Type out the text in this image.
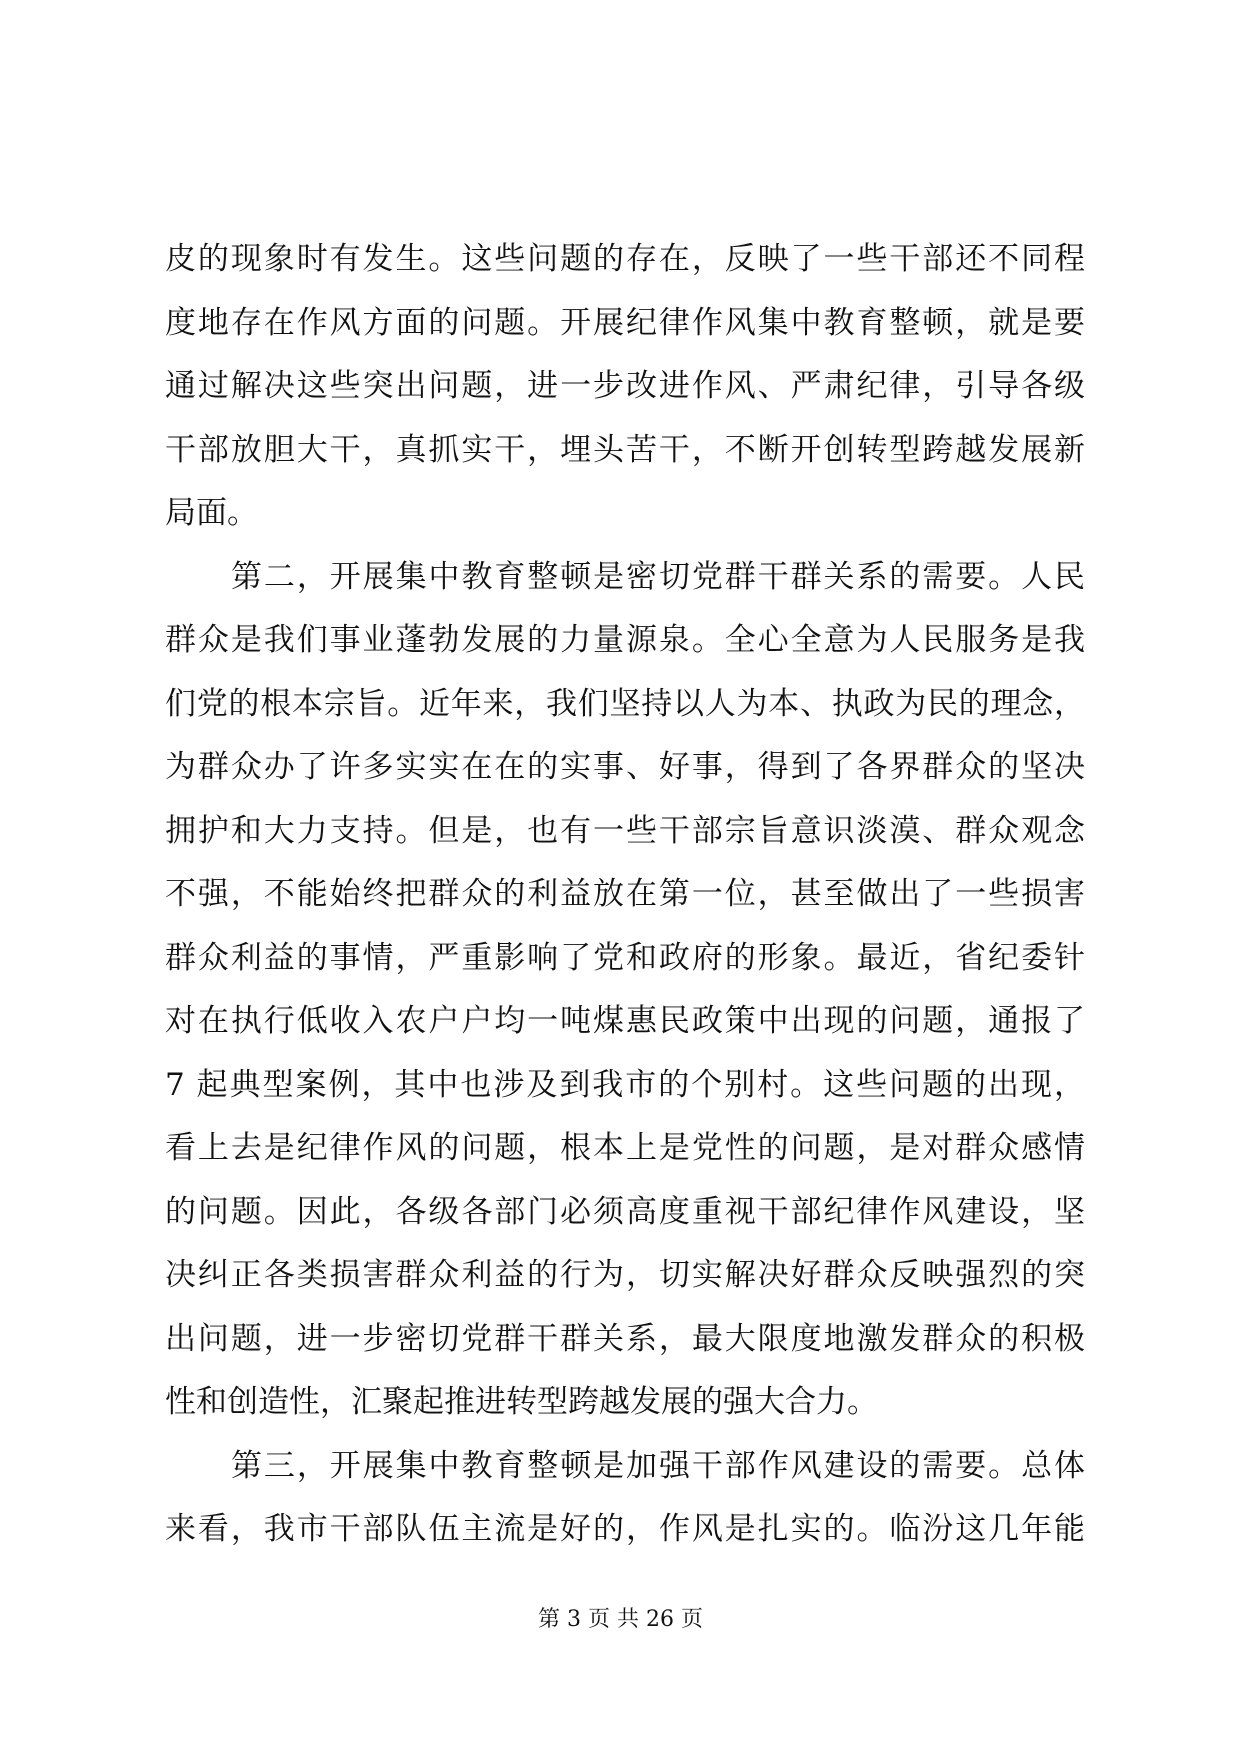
皮的现象时有发生。这些问题的存在，反映了一些干部还不同程
度地存在作风方面的问题。开展纪律作风集中教育整顿，就是要
通过解决这些突出问题，进一步改进作风、严肃纪律，引导各级
干部放胆大干，真抓实干，埋头苦干，不断开创转型跨越发展新
局面。
第二，开展集中教育整顿是密切党群干群关系的需要。人民
群众是我们事业蓬勃发展的力量源泉。全心全意为人民服务是我
们党的根本宗旨。近年来，我们坚持以人为本、执政为民的理念，
为群众办了许多实实在在的实事、好事，得到了各界群众的坚决
拥护和大力支持。但是，也有一些干部宗旨意识淡漠、群众观念
不强，不能始终把群众的利益放在第一位，甚至做出了一些损害
群众利益的事情，严重影响了党和政府的形象。最近，省纪委针
对在执行低收入农户户均一吨煤惠民政策中出现的问题，通报了
7 起典型案例，其中也涉及到我市的个别村。这些问题的出现，
看上去是纪律作风的问题，根本上是党性的问题，是对群众感情
的问题。因此，各级各部门必须高度重视干部纪律作风建设，坚
决纠正各类损害群众利益的行为，切实解决好群众反映强烈的突
出问题，进一步密切党群干群关系，最大限度地激发群众的积极
性和创造性，汇聚起推进转型跨越发展的强大合力。
第三，开展集中教育整顿是加强干部作风建设的需要。总体
来看，我市干部队伍主流是好的，作风是扎实的。临汾这几年能
第 3 页 共 26 页
